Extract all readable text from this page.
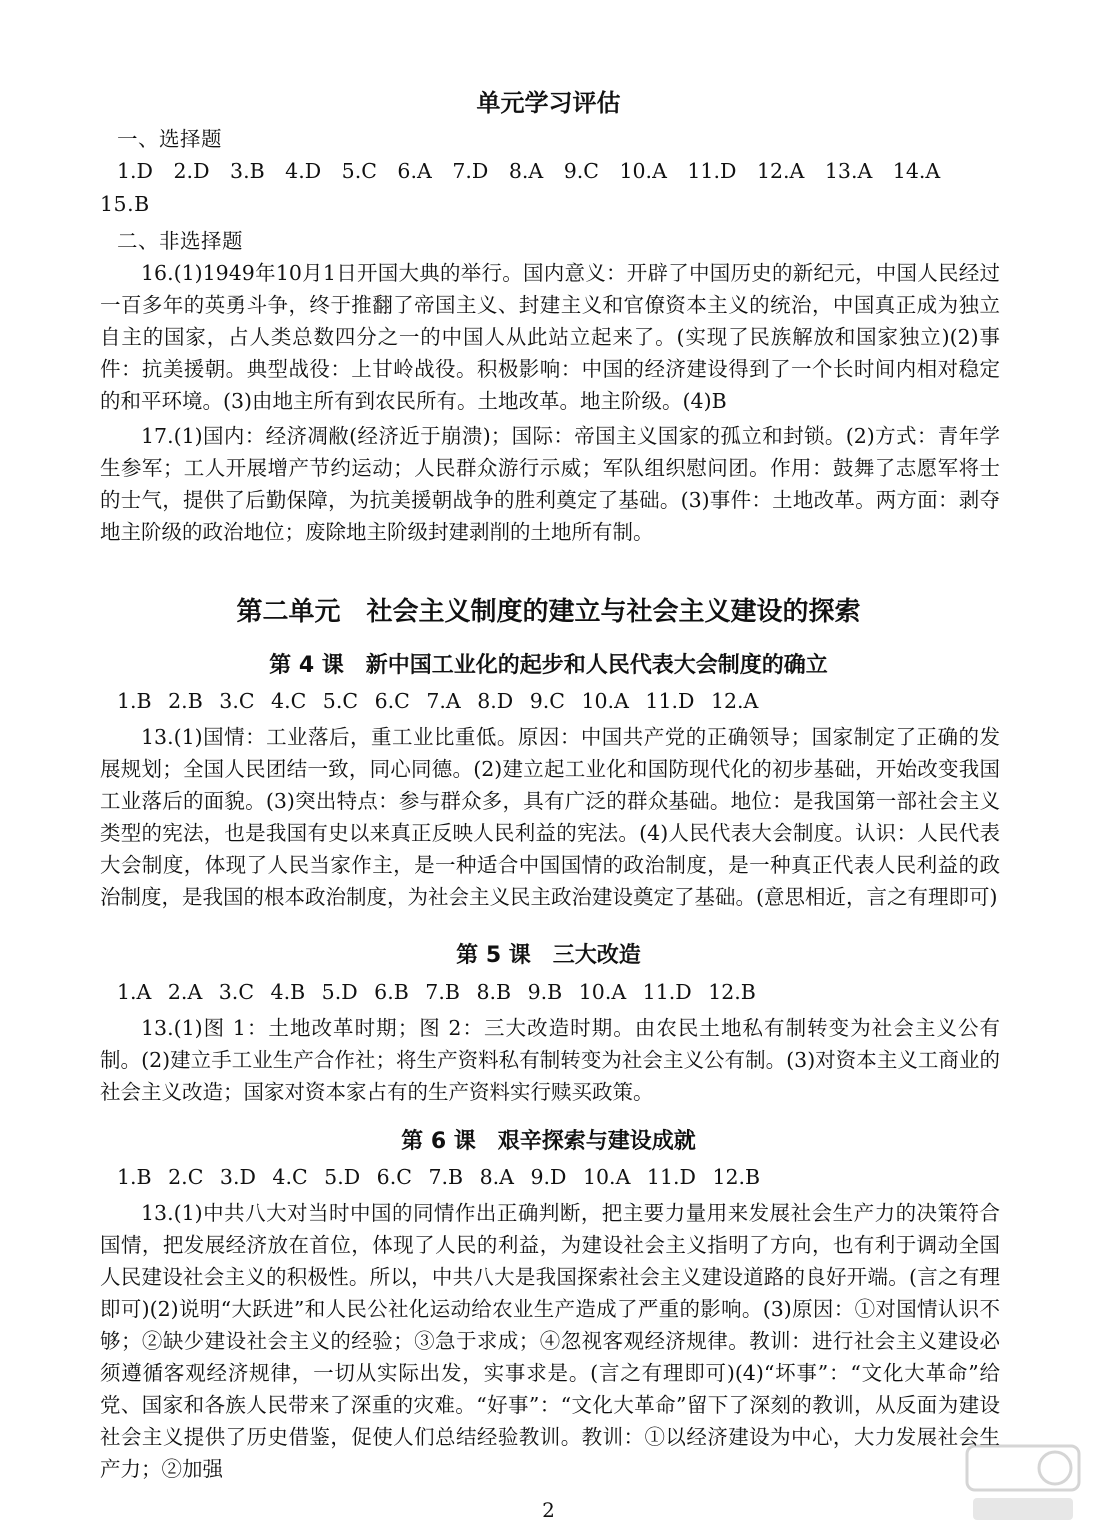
单元学习评估
一、选择题
1.D 2.D 3.B 4.D 5.C 6.A 7.D 8.A 9.C 10.A 11.D 12.A 13.A 14.A
15.B
二、非选择题
16.(1)1949年10月1日开国大典的举行。国内意义：开辟了中国历史的新纪元，中国人民经过一百多年的英勇斗争，终于推翻了帝国主义、封建主义和官僚资本主义的统治，中国真正成为独立自主的国家，占人类总数四分之一的中国人从此站立起来了。(实现了民族解放和国家独立)(2)事件：抗美援朝。典型战役：上甘岭战役。积极影响：中国的经济建设得到了一个长时间内相对稳定的和平环境。(3)由地主所有到农民所有。土地改革。地主阶级。(4)B
17.(1)国内：经济凋敝(经济近于崩溃)；国际：帝国主义国家的孤立和封锁。(2)方式：青年学生参军；工人开展增产节约运动；人民群众游行示威；军队组织慰问团。作用：鼓舞了志愿军将士的士气，提供了后勤保障，为抗美援朝战争的胜利奠定了基础。(3)事件：土地改革。两方面：剥夺地主阶级的政治地位；废除地主阶级封建剥削的土地所有制。
第二单元　社会主义制度的建立与社会主义建设的探索
第 4 课　新中国工业化的起步和人民代表大会制度的确立
1.B 2.B 3.C 4.C 5.C 6.C 7.A 8.D 9.C 10.A 11.D 12.A
13.(1)国情：工业落后，重工业比重低。原因：中国共产党的正确领导；国家制定了正确的发展规划；全国人民团结一致，同心同德。(2)建立起工业化和国防现代化的初步基础，开始改变我国工业落后的面貌。(3)突出特点：参与群众多，具有广泛的群众基础。地位：是我国第一部社会主义类型的宪法，也是我国有史以来真正反映人民利益的宪法。(4)人民代表大会制度。认识：人民代表大会制度，体现了人民当家作主，是一种适合中国国情的政治制度，是一种真正代表人民利益的政治制度，是我国的根本政治制度，为社会主义民主政治建设奠定了基础。(意思相近，言之有理即可)
第 5 课　三大改造
1.A 2.A 3.C 4.B 5.D 6.B 7.B 8.B 9.B 10.A 11.D 12.B
13.(1)图 1：土地改革时期；图 2：三大改造时期。由农民土地私有制转变为社会主义公有制。(2)建立手工业生产合作社；将生产资料私有制转变为社会主义公有制。(3)对资本主义工商业的社会主义改造；国家对资本家占有的生产资料实行赎买政策。
第 6 课　艰辛探索与建设成就
1.B 2.C 3.D 4.C 5.D 6.C 7.B 8.A 9.D 10.A 11.D 12.B
13.(1)中共八大对当时中国的同情作出正确判断，把主要力量用来发展社会生产力的决策符合国情，把发展经济放在首位，体现了人民的利益，为建设社会主义指明了方向，也有利于调动全国人民建设社会主义的积极性。所以，中共八大是我国探索社会主义建设道路的良好开端。(言之有理即可)(2)说明“大跃进”和人民公社化运动给农业生产造成了严重的影响。(3)原因：①对国情认识不够；②缺少建设社会主义的经验；③急于求成；④忽视客观经济规律。教训：进行社会主义建设必须遵循客观经济规律，一切从实际出发，实事求是。(言之有理即可)(4)“坏事”：“文化大革命”给党、国家和各族人民带来了深重的灾难。“好事”：“文化大革命”留下了深刻的教训，从反面为建设社会主义提供了历史借鉴，促使人们总结经验教训。教训：①以经济建设为中心，大力发展社会生产力；②加强
2
